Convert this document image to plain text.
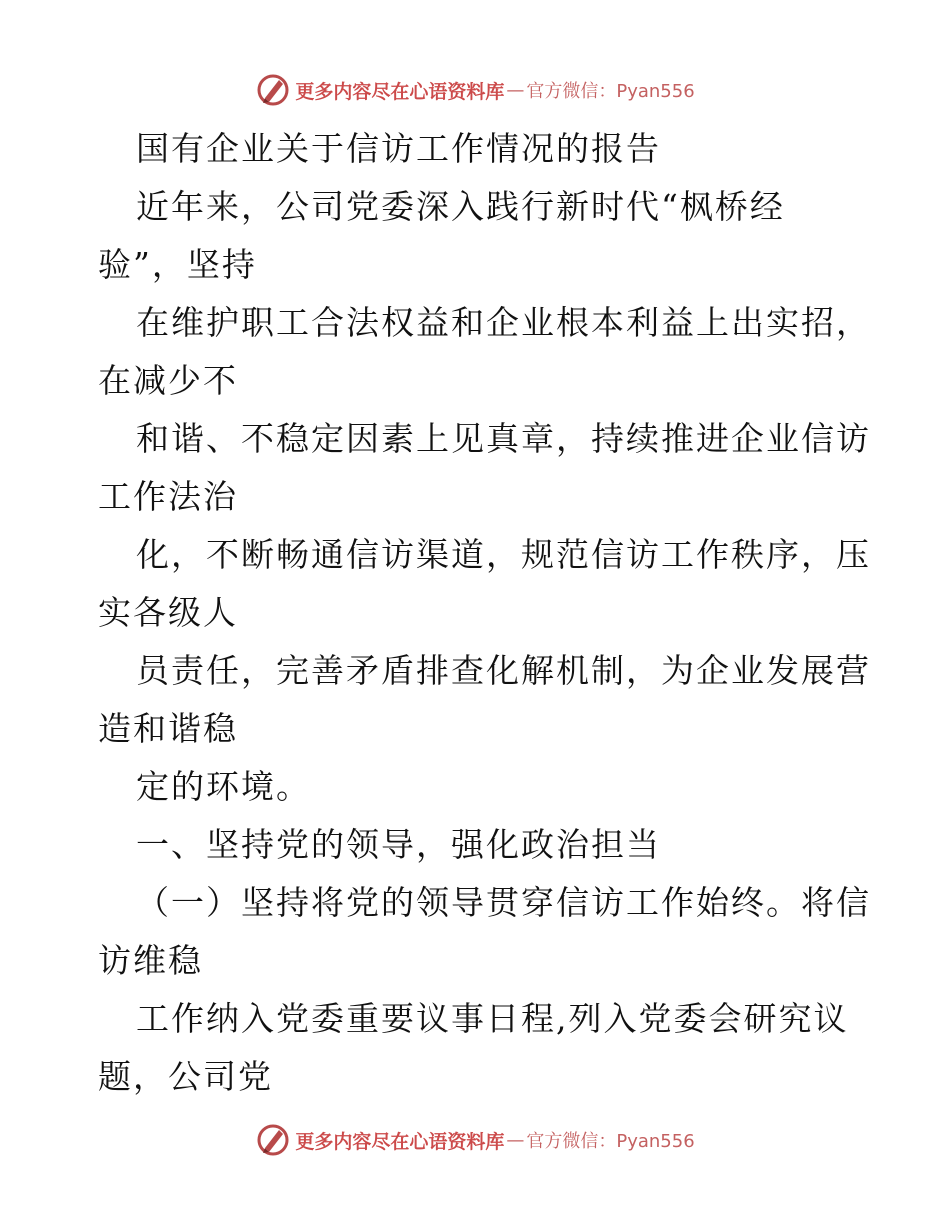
更多内容尽在心语资料库 — 官方微信：Pyan556
国有企业关于信访工作情况的报告
近年来，公司党委深入践行新时代“枫桥经
验”，坚持
在维护职工合法权益和企业根本利益上出实招，
在减少不
和谐、不稳定因素上见真章，持续推进企业信访
工作法治
化，不断畅通信访渠道，规范信访工作秩序，压
实各级人
员责任，完善矛盾排查化解机制，为企业发展营
造和谐稳
定的环境。
一、坚持党的领导，强化政治担当
（一）坚持将党的领导贯穿信访工作始终。将信
访维稳
工作纳入党委重要议事日程,列入党委会研究议
题，公司党
更多内容尽在心语资料库 — 官方微信：Pyan556
